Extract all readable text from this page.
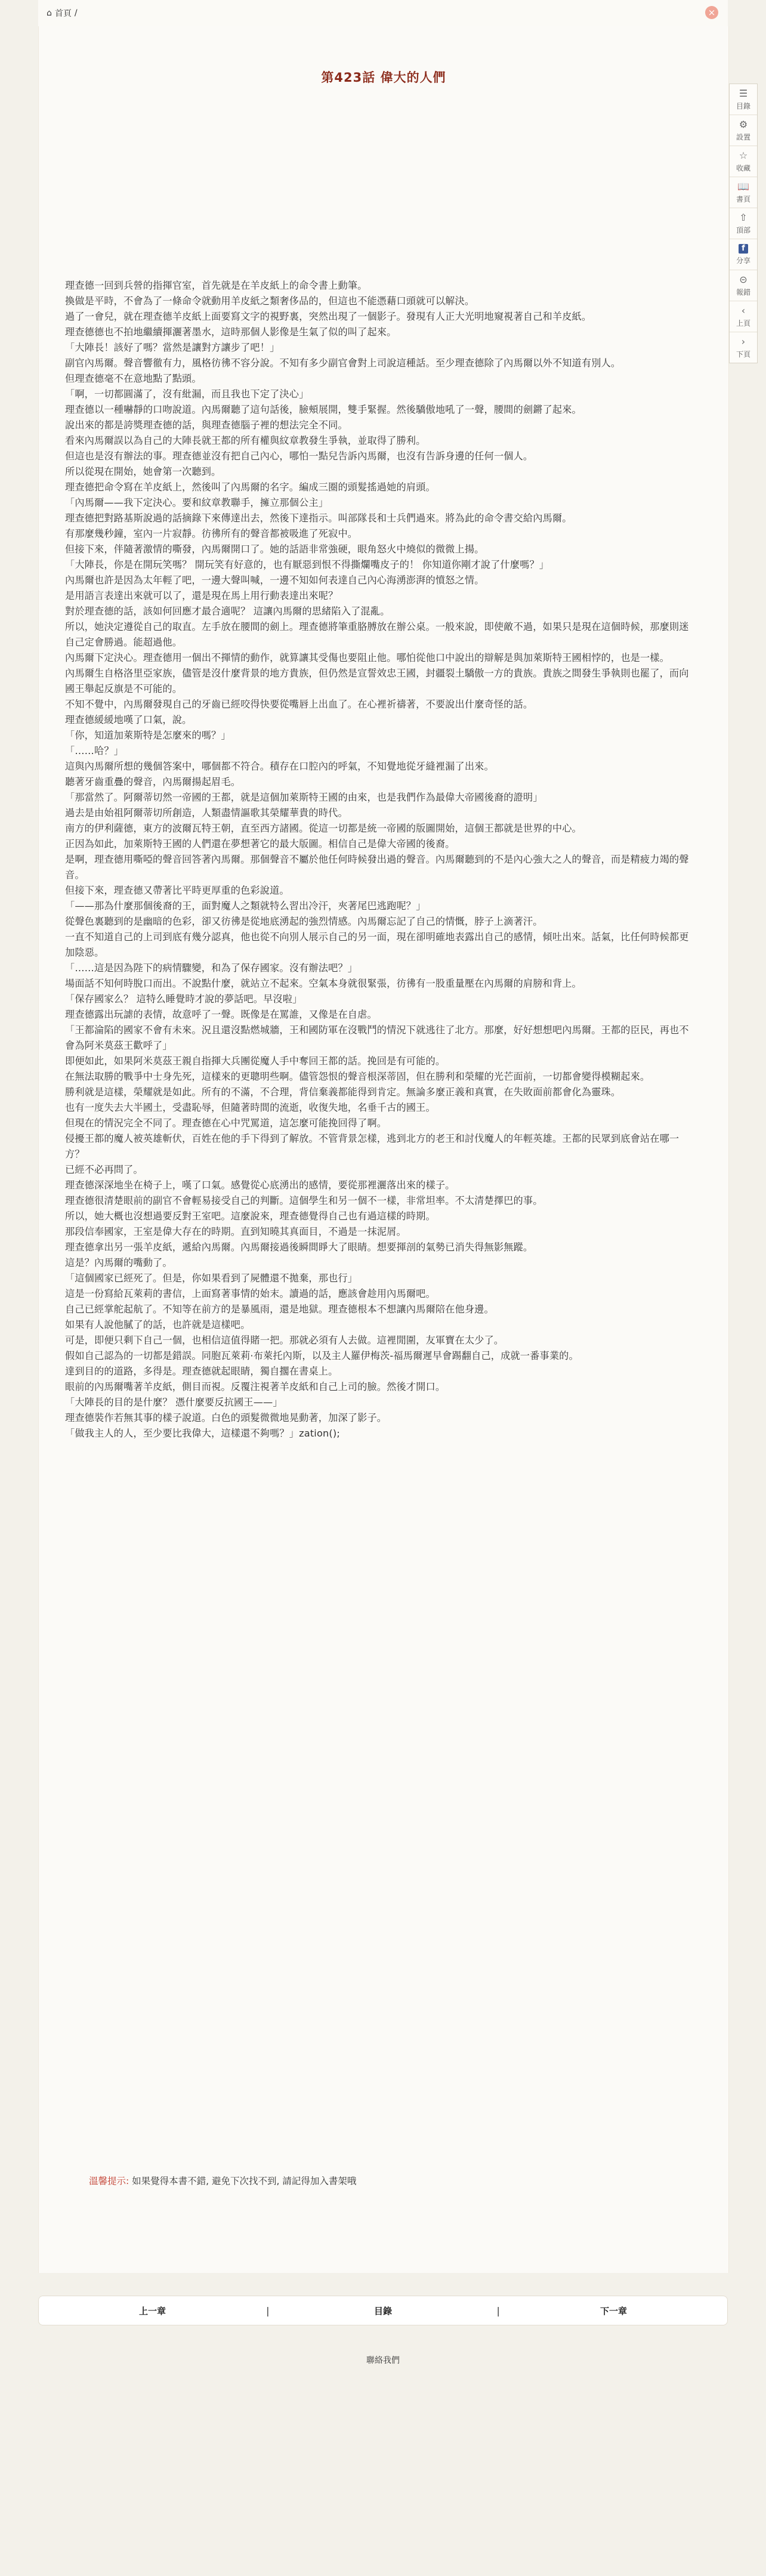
⌂ 首頁 /	×
第423話 偉大的人們

理查德一回到兵營的指揮官室，首先就是在羊皮紙上的命令書上動筆。

換做是平時，不會為了一條命令就動用羊皮紙之類奢侈品的，但這也不能憑藉口頭就可以解決。

過了一會兒，就在理查德羊皮紙上面要寫文字的視野裏，突然出現了一個影子。發現有人正大光明地窺視著自己和羊皮紙。

理查德德也不拍地繼續揮灑著墨水，這時那個人影像是生氣了似的叫了起來。

「大陣長！該好了嗎？當然是讓對方讓步了吧！」

副官內馬爾。聲音響徹有力，風格彷彿不容分說。不知有多少副官會對上司說這種話。至少理查德除了內馬爾以外不知道有別人。

但理查德毫不在意地點了點頭。

「啊，一切都圓滿了，沒有紕漏，而且我也下定了決心」

理查德以一種嚇靜的口吻說道。內馬爾聽了這句話後，臉頰展開，雙手緊握。然後驕傲地吼了一聲，腰間的劍鏘了起來。

說出來的都是誇獎理查德的話，與理查德腦子裡的想法完全不同。

看來內馬爾誤以為自己的大陣長就王都的所有權與紋章教發生爭執，並取得了勝利。

但這也是沒有辦法的事。理查德並沒有把自己內心，哪怕一點兒告訴內馬爾，也沒有告訴身邊的任何一個人。

所以從現在開始，她會第一次聽到。

理查德把命令寫在羊皮紙上，然後叫了內馬爾的名字。編成三圈的頭髮搖過她的肩頭。

「內馬爾——我下定決心。要和紋章教聯手，擁立那個公主」

理查德把對路基斯說過的話摘錄下來傳達出去，然後下達指示。叫部隊長和士兵們過來。將為此的命令書交給內馬爾。

有那麼幾秒鐘，室內一片寂靜。彷彿所有的聲音都被吸進了死寂中。

但接下來，伴隨著激情的嘶發，內馬爾開口了。她的話語非常強硬，眼角怒火中燒似的微微上揚。

「大陣長，你是在開玩笑嗎？ 開玩笑有好意的，也有厭惡到恨不得撕爛嘴皮子的！ 你知道你剛才說了什麼嗎？」

內馬爾也許是因為太年輕了吧，一邊大聲叫喊，一邊不知如何表達自己內心海湧澎湃的憤怒之情。

是用語言表達出來就可以了，還是現在馬上用行動表達出來呢？

對於理查德的話，該如何回應才最合適呢？ 這讓內馬爾的思緒陷入了混亂。

所以，她決定遵從自己的取直。左手放在腰間的劍上。理查德將筆重胳膊放在辦公桌。一般來說，即使敵不過，如果只是現在這個時候，那麼則迷自己定會勝過。能超過他。

內馬爾下定決心。理查德用一個出不揮情的動作，就算讓其受傷也要阻止他。哪怕從他口中說出的辯解是與加萊斯特王國相悖的，也是一樣。

內馬爾生自格洛里亞家族，儘管是沒什麼背景的地方貴族，但仍然是宣誓效忠王國，封疆裂土驕傲一方的貴族。貴族之間發生爭執則也罷了，而向國王舉起反旗是不可能的。

不知不覺中，內馬爾發現自己的牙齒已經咬得快要從嘴唇上出血了。在心裡祈禱著，不要說出什麼奇怪的話。

理查德緩緩地嘆了口氣，說。

「你，知道加萊斯特是怎麼來的嗎？」

「……哈？」

這與內馬爾所想的幾個答案中，哪個都不符合。積存在口腔內的呼氣，不知覺地從牙縫裡漏了出來。

聽著牙齒重疊的聲音，內馬爾揚起眉毛。

「那當然了。阿爾蒂切然一帝國的王都，就是這個加萊斯特王國的由來，也是我們作為最偉大帝國後裔的證明」

過去是由始祖阿爾蒂切所創造，人類盡情謳歌其榮耀華貴的時代。

南方的伊利薩德，東方的波爾瓦特王朝，直至西方諸國。從這一切都是統一帝國的版圖開始，這個王都就是世界的中心。

正因為如此，加萊斯特王國的人們還在夢想著它的最大版圖。相信自己是偉大帝國的後裔。

是啊，理查德用嘶啞的聲音回答著內馬爾。那個聲音不屬於他任何時候發出過的聲音。內馬爾聽到的不是內心強大之人的聲音，而是精疲力竭的聲音。

但接下來，理查德又帶著比平時更厚重的色彩說道。

「——那為什麼那個後裔的王，面對魔人之類就特么習出冷汗，夾著尾巴逃跑呢？」

從聲色裏聽到的是幽暗的色彩，卻又彷彿是從地底湧起的強烈情感。內馬爾忘記了自己的情慨，脖子上滴著汗。

一直不知道自己的上司到底有幾分認真，他也從不向別人展示自己的另一面，現在卻明確地表露出自己的感情，傾吐出來。話氣，比任何時候都更加陰惡。

「……這是因為陛下的病情驟變，和為了保存國家。沒有辦法吧？」

場面話不知何時脫口而出。不說點什麼，就站立不起來。空氣本身就很緊張，彷彿有一股重量壓在內馬爾的肩膀和背上。

「保存國家么？ 這特么睡覺時才說的夢話吧。早沒啦」

理查德露出玩謔的表情，故意呼了一聲。既像是在罵誰，又像是在自虐。

「王都淪陷的國家不會有未來。況且還沒點燃城牆，王和國防軍在沒戰鬥的情況下就逃往了北方。那麼，好好想想吧內馬爾。王都的臣民，再也不會為阿米莫茲王歡呼了」

即便如此，如果阿米莫茲王親自指揮大兵團從魔人手中奪回王都的話。挽回是有可能的。

在無法取勝的戰爭中士身先死，這樣來的更聰明些啊。儘管怨恨的聲音根深蒂固，但在勝利和榮耀的光芒面前，一切都會變得模糊起來。

勝利就是這樣，榮耀就是如此。所有的不滿，不合理，背信棄義都能得到肯定。無論多麼正義和真實，在失敗面前都會化為靈珠。

也有一度失去大半國土，受盡恥辱，但隨著時間的流逝，收復失地，名垂千古的國王。

但現在的情況完全不同了。理查德在心中咒罵道，這怎麼可能挽回得了啊。

侵擾王都的魔人被英雄斬伏，百姓在他的手下得到了解放。不管背景怎樣，逃到北方的老王和討伐魔人的年輕英雄。王都的民眾到底會站在哪一方？

已經不必再問了。

理查德深深地坐在椅子上，嘆了口氣。感覺從心底湧出的感情，要從那裡灑落出來的樣子。

理查德很清楚眼前的副官不會輕易接受自己的判斷。這個學生和另一個不一樣，非常坦率。不太清楚擇巴的事。

所以，她大概也沒想過要反對王室吧。這麼說來，理查德覺得自己也有過這樣的時期。

那段信奉國家，王室是偉大存在的時期。直到知曉其真面目，不過是一抹泥屑。

理查德拿出另一張羊皮紙，遞給內馬爾。內馬爾接過後瞬間睜大了眼睛。想要揮剖的氣勢已消失得無影無蹤。

這是？內馬爾的嘴動了。

「這個國家已經死了。但是，你如果看到了屍體還不拋棄，那也行」

這是一份寫給瓦萊莉的書信，上面寫著事情的始末。讀過的話，應該會趁用內馬爾吧。

自己已經掌舵起航了。不知等在前方的是暴風雨，還是地獄。理查德根本不想讓內馬爾陪在他身邊。

如果有人說他膩了的話，也許就是這樣吧。

可是，即便只剩下自己一個，也相信這值得賭一把。那就必須有人去做。這裡閒圍，友軍寶在太少了。

假如自己認為的一切都是錯誤。同胞瓦萊莉·布萊托內斯，以及主人羅伊梅茨-福馬爾遲早會踢翻自己，成就一番事業的。

達到目的的道路，多得是。理查德就起眼睛，獨自擱在書桌上。

眼前的內馬爾嘴著羊皮紙，側目而視。反覆注視著羊皮紙和自己上司的臉。然後才開口。

「大陣長的目的是什麼？ 憑什麼要反抗國王——」

理查德裝作若無其事的樣子說道。白色的頭髮微微地晃動著，加深了影子。

「做我主人的人，至少要比我偉大，這樣還不夠嗎？」zation();

溫馨提示: 如果覺得本書不錯, 避免下次找不到, 請記得加入書架哦
上一章	|	目錄	|	下一章
聯絡我們
☰
目錄
⚙
設置
☆
收藏
📖
書頁
⇧
頂部
f
分享
⊝
報錯
‹
上頁
›
下頁
